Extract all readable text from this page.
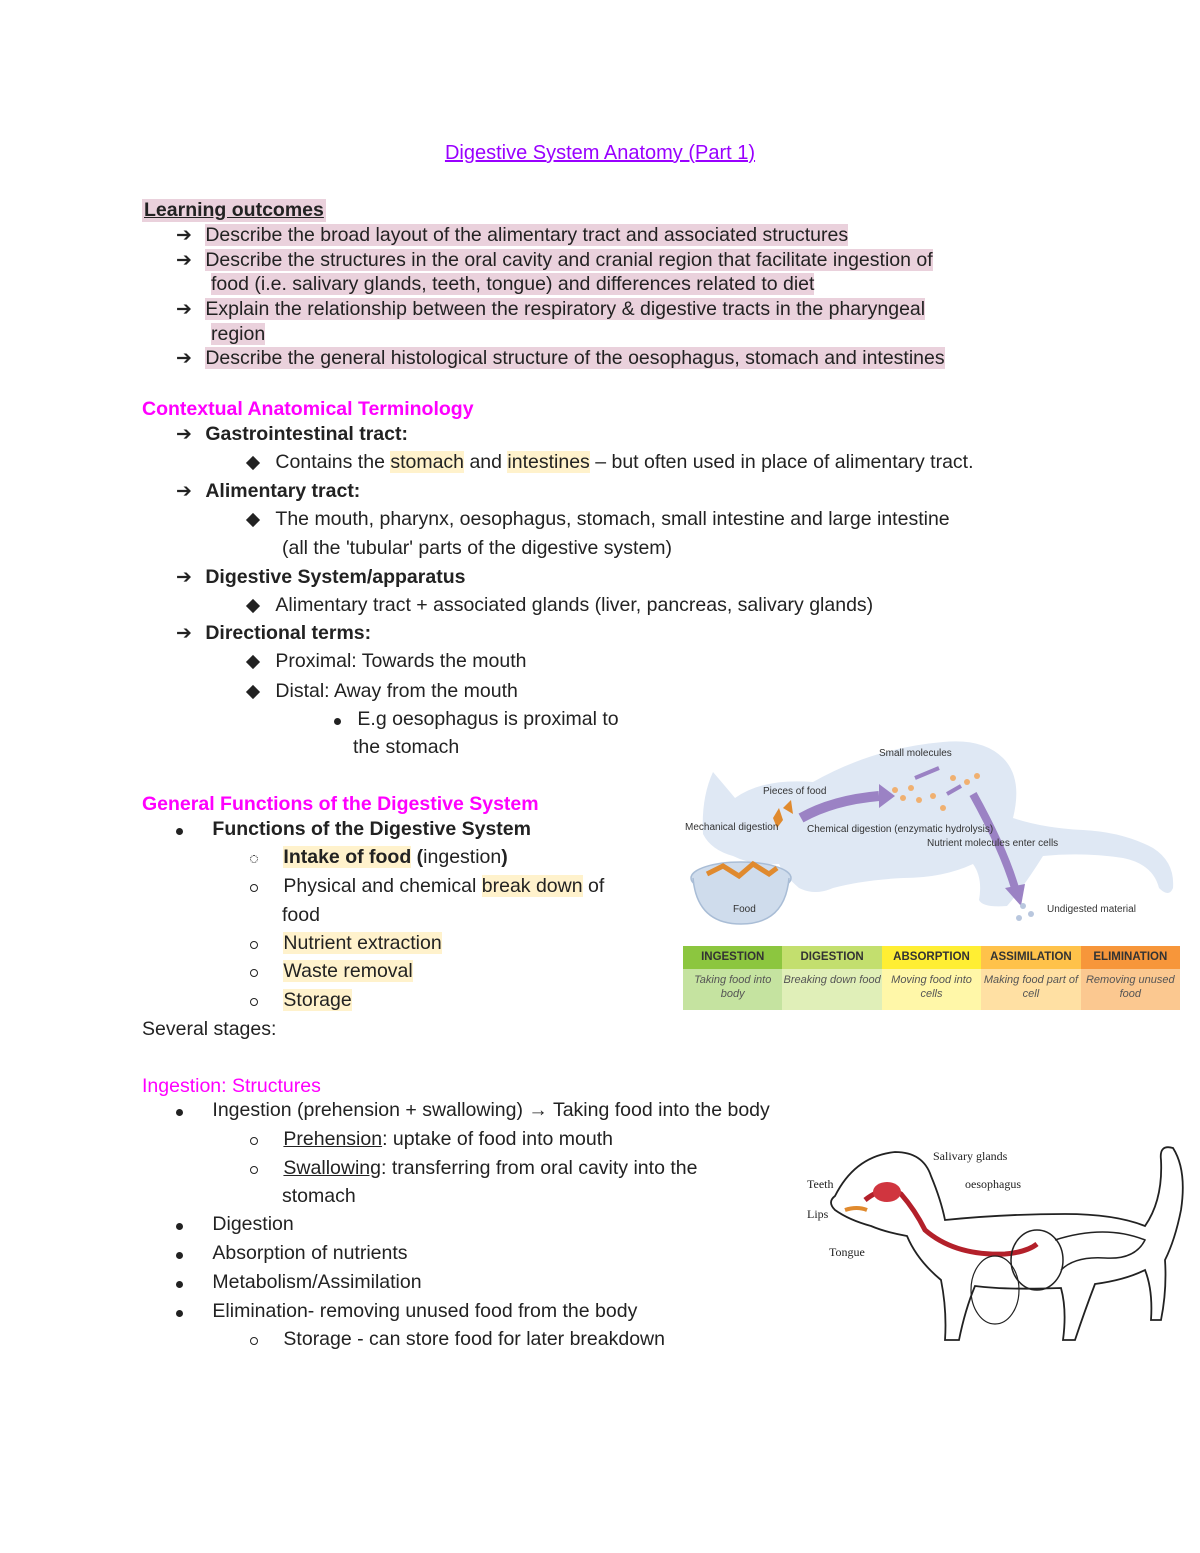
Digestive System Anatomy (Part 1)
Learning outcomes
➔ Describe the broad layout of the alimentary tract and associated structures
➔ Describe the structures in the oral cavity and cranial region that facilitate ingestion of
food (i.e. salivary glands, teeth, tongue) and differences related to diet
➔ Explain the relationship between the respiratory & digestive tracts in the pharyngeal
region
➔ Describe the general histological structure of the oesophagus, stomach and intestines
Contextual Anatomical Terminology
➔ Gastrointestinal tract:
Contains the stomach and intestines – but often used in place of alimentary tract.
➔ Alimentary tract:
The mouth, pharynx, oesophagus, stomach, small intestine and large intestine
(all the 'tubular' parts of the digestive system)
➔ Digestive System/apparatus
Alimentary tract + associated glands (liver, pancreas, salivary glands)
➔ Directional terms:
Proximal: Towards the mouth
Distal: Away from the mouth
E.g oesophagus is proximal to
the stomach
General Functions of the Digestive System
Functions of the Digestive System
Intake of food (ingestion)
Physical and chemical break down of
food
Nutrient extraction
Waste removal
Storage
Several stages:
Ingestion: Structures
Ingestion (prehension + swallowing) → Taking food into the body
Prehension: uptake of food into mouth
Swallowing: transferring from oral cavity into the
stomach
Digestion
Absorption of nutrients
Metabolism/Assimilation
Elimination- removing unused food from the body
Storage - can store food for later breakdown
Small molecules
Pieces of food
Mechanical digestion	Chemical digestion (enzymatic hydrolysis)
Nutrient molecules enter cells
Food	Undigested material
INGESTION
Taking food into body
DIGESTION
Breaking down food
ABSORPTION
Moving food into cells
ASSIMILATION
Making food part of cell
ELIMINATION
Removing unused food
Salivary glands
oesophagus
Teeth
Lips
Tongue
